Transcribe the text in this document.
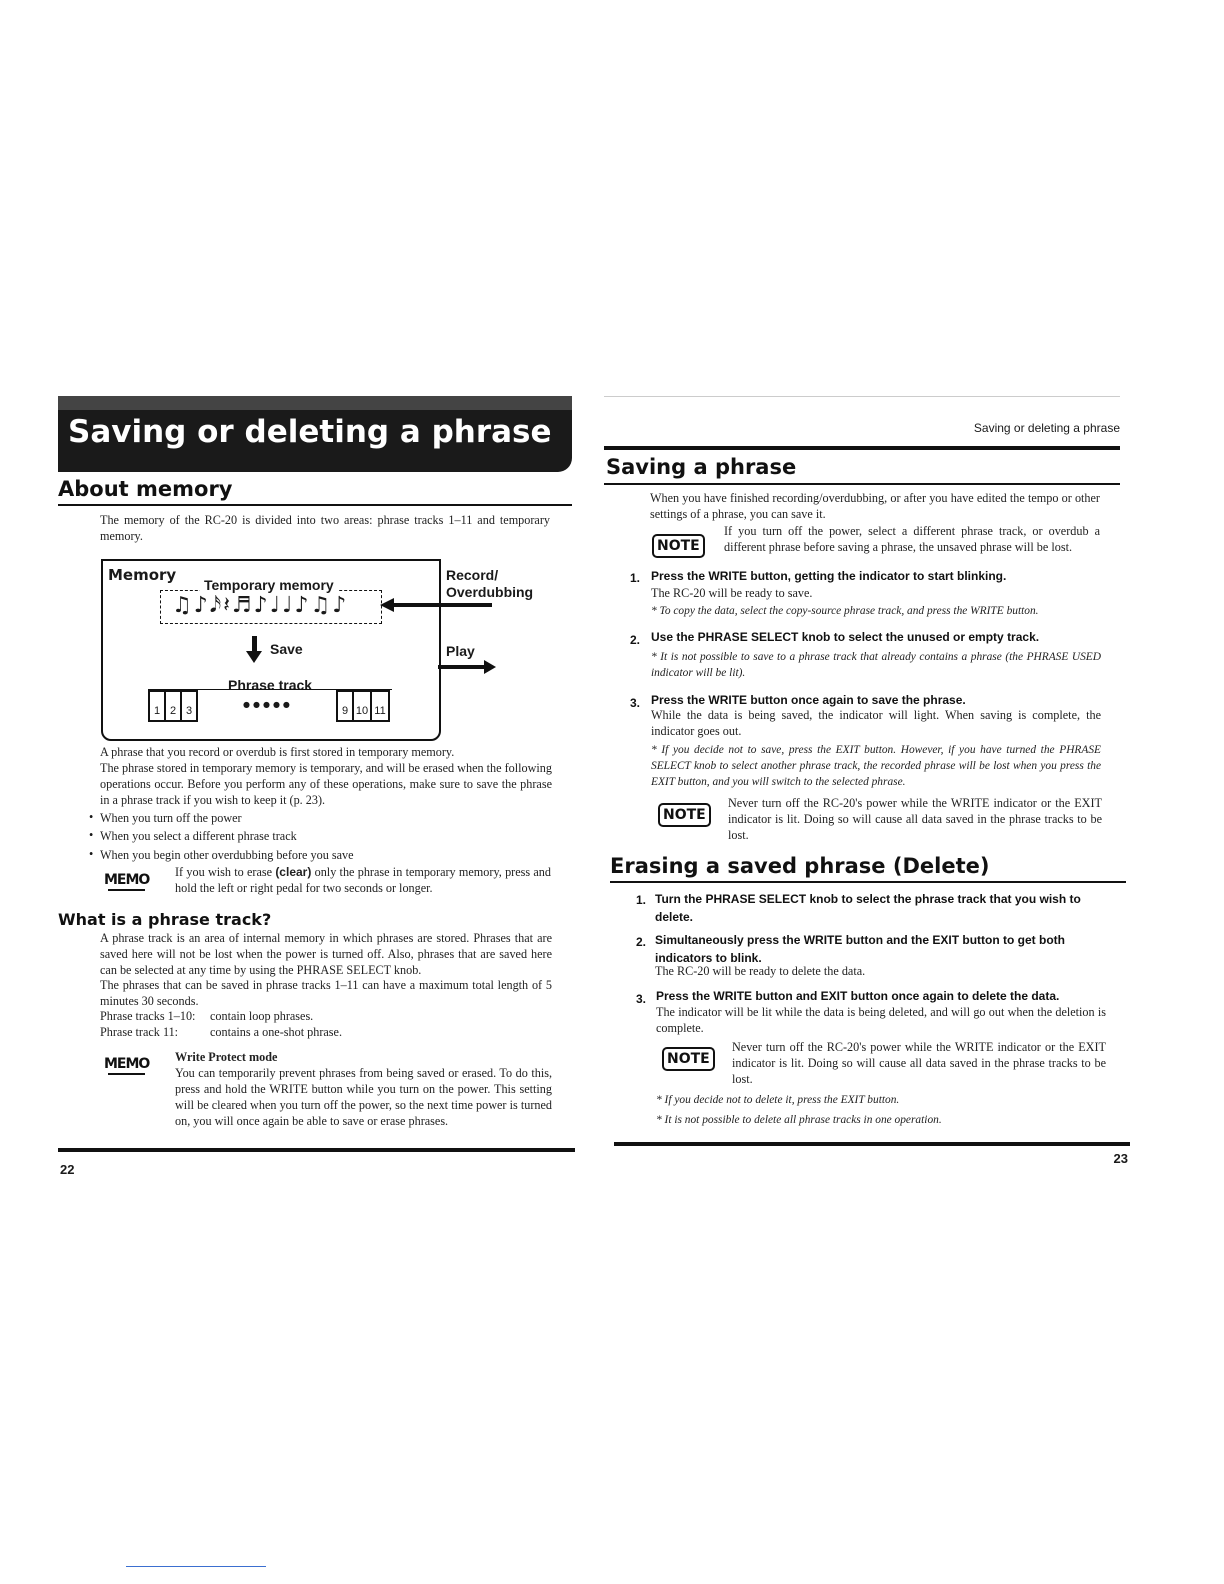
Saving or deleting a phrase
About memory
The memory of the RC-20 is divided into two areas: phrase tracks 1–11 and temporary memory.
Memory
Temporary memory
♫♪𝅘𝅥𝅯𝄽♬♪♩♩♪♫♪
Record/
Overdubbing
Save	Play
Phrase track
1 2 3
●●●●●
9 10 11
A phrase that you record or overdub is first stored in temporary memory.
The phrase stored in temporary memory is temporary, and will be erased when the following operations occur. Before you perform any of these operations, make sure to save the phrase in a phrase track if you wish to keep it (p. 23).
• When you turn off the power
• When you select a different phrase track
• When you begin other overdubbing before you save
MEMO If you wish to erase (clear) only the phrase in temporary memory, press and hold the left or right pedal for two seconds or longer.
What is a phrase track?
A phrase track is an area of internal memory in which phrases are stored. Phrases that are saved here will not be lost when the power is turned off. Also, phrases that are saved here can be selected at any time by using the PHRASE SELECT knob.
The phrases that can be saved in phrase tracks 1–11 can have a maximum total length of 5 minutes 30 seconds.
Phrase tracks 1–10: contain loop phrases.
Phrase track 11:	contains a one-shot phrase.
MEMO Write Protect mode
You can temporarily prevent phrases from being saved or erased. To do this, press and hold the WRITE button while you turn on the power. This setting will be cleared when you turn off the power, so the next time power is turned on, you will once again be able to save or erase phrases.
22
Saving or deleting a phrase
Saving a phrase
When you have finished recording/overdubbing, or after you have edited the tempo or other settings of a phrase, you can save it.
NOTE
If you turn off the power, select a different phrase track, or overdub a different phrase before saving a phrase, the unsaved phrase will be lost.
1. Press the WRITE button, getting the indicator to start blinking.
The RC-20 will be ready to save.
* To copy the data, select the copy-source phrase track, and press the WRITE button.
2. Use the PHRASE SELECT knob to select the unused or empty track.
* It is not possible to save to a phrase track that already contains a phrase (the PHRASE USED indicator will be lit).
3. Press the WRITE button once again to save the phrase.
While the data is being saved, the indicator will light. When saving is complete, the indicator goes out.
* If you decide not to save, press the EXIT button. However, if you have turned the PHRASE SELECT knob to select another phrase track, the recorded phrase will be lost when you press the EXIT button, and you will switch to the selected phrase.
NOTE
Never turn off the RC-20's power while the WRITE indicator or the EXIT indicator is lit. Doing so will cause all data saved in the phrase tracks to be lost.
Erasing a saved phrase (Delete)
1. Turn the PHRASE SELECT knob to select the phrase track that you wish to delete.
2. Simultaneously press the WRITE button and the EXIT button to get both indicators to blink.
The RC-20 will be ready to delete the data.
3. Press the WRITE button and EXIT button once again to delete the data.
The indicator will be lit while the data is being deleted, and will go out when the deletion is complete.
NOTE
Never turn off the RC-20's power while the WRITE indicator or the EXIT indicator is lit. Doing so will cause all data saved in the phrase tracks to be lost.
* If you decide not to delete it, press the EXIT button.
* It is not possible to delete all phrase tracks in one operation.
23
